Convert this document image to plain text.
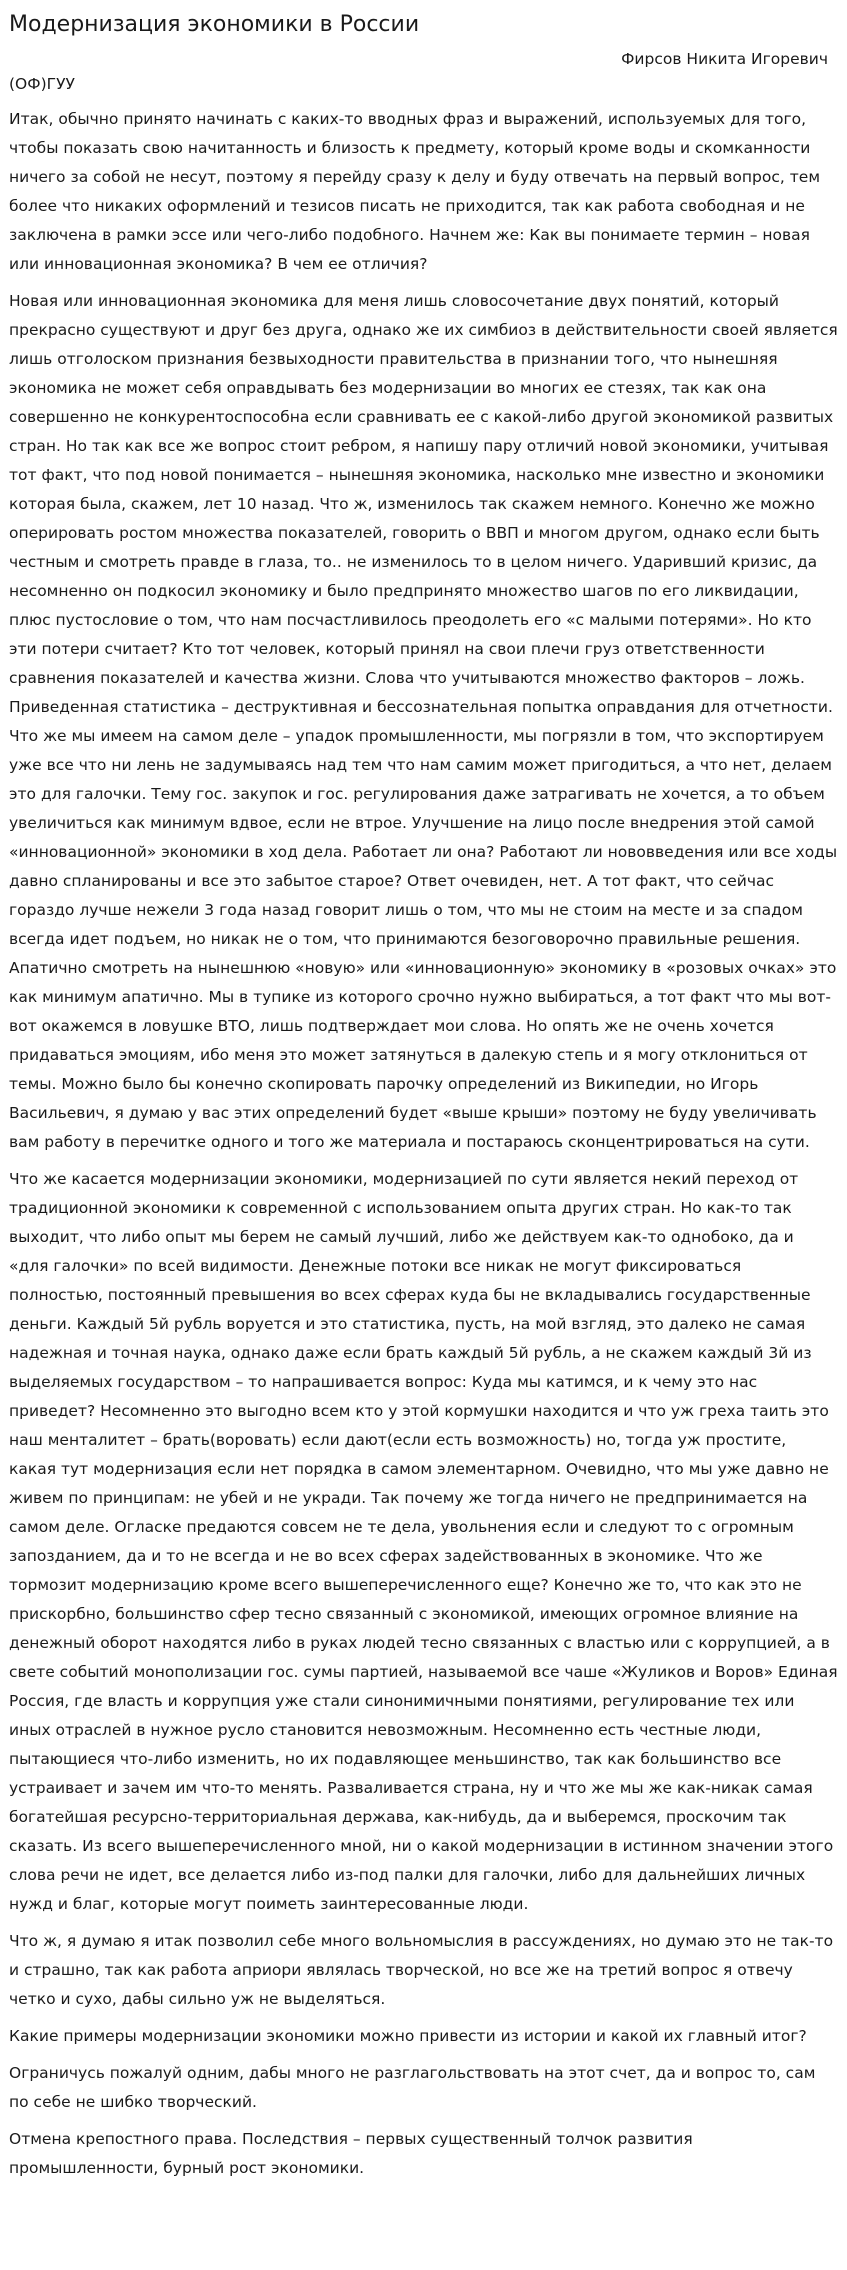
Модернизация экономики в России

Фирсов Никита Игоревич

(ОФ)ГУУ

Итак, обычно принято начинать с каких-то вводных фраз и выражений, используемых для того, чтобы показать свою начитанность и близость к предмету, который кроме воды и скомканности ничего за собой не несут, поэтому я перейду сразу к делу и буду отвечать на первый вопрос, тем более что никаких оформлений и тезисов писать не приходится, так как работа свободная и не заключена в рамки эссе или чего-либо подобного. Начнем же: Как вы понимаете термин – новая или инновационная экономика? В чем ее отличия?

Новая или инновационная экономика для меня лишь словосочетание двух понятий, который прекрасно существуют и друг без друга, однако же их симбиоз в действительности своей является лишь отголоском признания безвыходности правительства в признании того, что нынешняя экономика не может себя оправдывать без модернизации во многих ее стезях, так как она совершенно не конкурентоспособна если сравнивать ее с какой-либо другой экономикой развитых стран. Но так как все же вопрос стоит ребром, я напишу пару отличий новой экономики, учитывая тот факт, что под новой понимается – нынешняя экономика, насколько мне известно и экономики которая была, скажем, лет 10 назад. Что ж, изменилось так скажем немного. Конечно же можно оперировать ростом множества показателей, говорить о ВВП и многом другом, однако если быть честным и смотреть правде в глаза, то.. не изменилось то в целом ничего. Ударивший кризис, да несомненно он подкосил экономику и было предпринято множество шагов по его ликвидации, плюс пустословие о том, что нам посчастливилось преодолеть его «с малыми потерями». Но кто эти потери считает? Кто тот человек, который принял на свои плечи груз ответственности сравнения показателей и качества жизни. Слова что учитываются множество факторов – ложь. Приведенная статистика – деструктивная и бессознательная попытка оправдания для отчетности. Что же мы имеем на самом деле – упадок промышленности, мы погрязли в том, что экспортируем уже все что ни лень не задумываясь над тем что нам самим может пригодиться, а что нет, делаем это для галочки. Тему гос. закупок и гос. регулирования даже затрагивать не хочется, а то объем увеличиться как минимум вдвое, если не втрое. Улучшение на лицо после внедрения этой самой «инновационной» экономики в ход дела. Работает ли она? Работают ли нововведения или все ходы давно спланированы и все это забытое старое? Ответ очевиден, нет. А тот факт, что сейчас гораздо лучше нежели 3 года назад говорит лишь о том, что мы не стоим на месте и за спадом всегда идет подъем, но никак не о том, что принимаются безоговорочно правильные решения. Апатично смотреть на нынешнюю «новую» или «инновационную» экономику в «розовых очках» это как минимум апатично. Мы в тупике из которого срочно нужно выбираться, а тот факт что мы вот-вот окажемся в ловушке ВТО, лишь подтверждает мои слова. Но опять же не очень хочется придаваться эмоциям, ибо меня это может затянуться в далекую степь и я могу отклониться от темы. Можно было бы конечно скопировать парочку определений из Википедии, но Игорь Васильевич, я думаю у вас этих определений будет «выше крыши» поэтому не буду увеличивать вам работу в перечитке одного и того же материала и постараюсь сконцентрироваться на сути.

Что же касается модернизации экономики, модернизацией по сути является некий переход от традиционной экономики к современной с использованием опыта других стран. Но как-то так выходит, что либо опыт мы берем не самый лучший, либо же действуем как-то однобоко, да и «для галочки» по всей видимости. Денежные потоки все никак не могут фиксироваться полностью, постоянный превышения во всех сферах куда бы не вкладывались государственные деньги. Каждый 5й рубль воруется и это статистика, пусть, на мой взгляд, это далеко не самая надежная и точная наука, однако даже если брать каждый 5й рубль, а не скажем каждый 3й из выделяемых государством – то напрашивается вопрос: Куда мы катимся, и к чему это нас приведет? Несомненно это выгодно всем кто у этой кормушки находится и что уж греха таить это наш менталитет – брать(воровать) если дают(если есть возможность) но, тогда уж простите, какая тут модернизация если нет порядка в самом элементарном. Очевидно, что мы уже давно не живем по принципам: не убей и не укради. Так почему же тогда ничего не предпринимается на самом деле. Огласке предаются совсем не те дела, увольнения если и следуют то с огромным запозданием, да и то не всегда и не во всех сферах задействованных в экономике. Что же тормозит модернизацию кроме всего вышеперечисленного еще? Конечно же то, что как это не прискорбно, большинство сфер тесно связанный с экономикой, имеющих огромное влияние на денежный оборот находятся либо в руках людей тесно связанных с властью или с коррупцией, а в свете событий монополизации гос. сумы партией, называемой все чаше «Жуликов и Воров» Единая Россия, где власть и коррупция уже стали синонимичными понятиями, регулирование тех или иных отраслей в нужное русло становится невозможным. Несомненно есть честные люди, пытающиеся что-либо изменить, но их подавляющее меньшинство, так как большинство все устраивает и зачем им что-то менять. Разваливается страна, ну и что же мы же как-никак самая богатейшая ресурсно-территориальная держава, как-нибудь, да и выберемся, проскочим так сказать. Из всего вышеперечисленного мной, ни о какой модернизации в истинном значении этого слова речи не идет, все делается либо из-под палки для галочки, либо для дальнейших личных нужд и благ, которые могут поиметь заинтересованные люди.

Что ж, я думаю я итак позволил себе много вольномыслия в рассуждениях, но думаю это не так-то и страшно, так как работа априори являлась творческой, но все же на третий вопрос я отвечу четко и сухо, дабы сильно уж не выделяться.

Какие примеры модернизации экономики можно привести из истории и какой их главный итог?

Ограничусь пожалуй одним, дабы много не разглагольствовать на этот счет, да и вопрос то, сам по себе не шибко творческий.

Отмена крепостного права. Последствия – первых существенный толчок развития промышленности, бурный рост экономики.
